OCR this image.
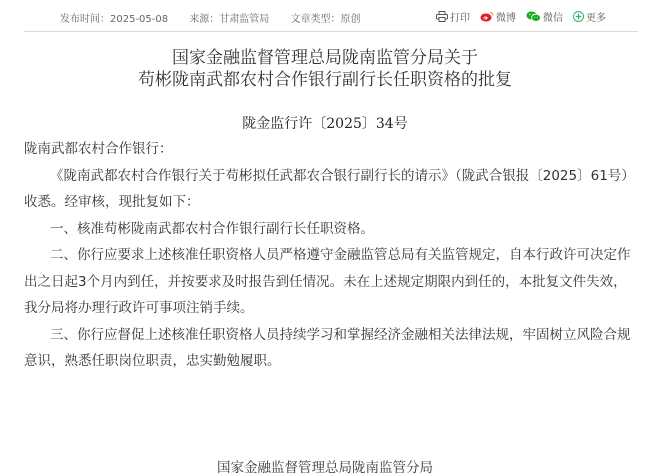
发布时间：2025-05-08 来源：甘肃监管局 文章类型：原创	打印	微博	微信 更多
国家金融监督管理总局陇南监管分局关于
苟彬陇南武都农村合作银行副行长任职资格的批复
陇金监行许〔2025〕34号

陇南武都农村合作银行：

《陇南武都农村合作银行关于苟彬拟任武都农合银行副行长的请示》（陇武合银报〔2025〕61号）收悉。经审核，现批复如下：

一、核准苟彬陇南武都农村合作银行副行长任职资格。

二、你行应要求上述核准任职资格人员严格遵守金融监管总局有关监管规定，自本行政许可决定作出之日起3个月内到任，并按要求及时报告到任情况。未在上述规定期限内到任的，本批复文件失效，我分局将办理行政许可事项注销手续。

三、你行应督促上述核准任职资格人员持续学习和掌握经济金融相关法律法规，牢固树立风险合规意识，熟悉任职岗位职责，忠实勤勉履职。

国家金融监督管理总局陇南监管分局
